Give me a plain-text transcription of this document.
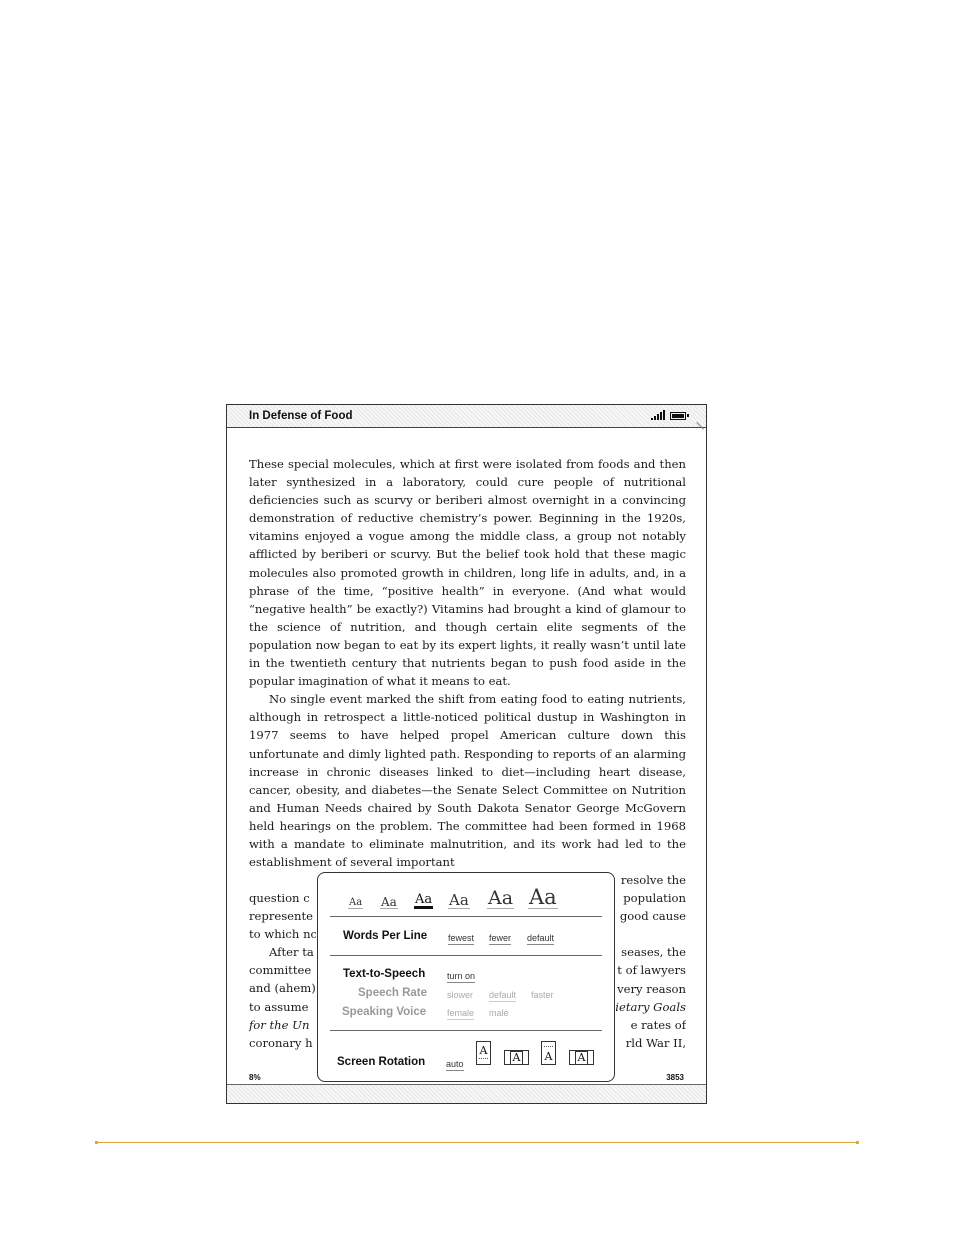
In Defense of Food

These special molecules, which at first were isolated from foods and then later synthesized in a laboratory, could cure people of nutritional deficiencies such as scurvy or beriberi almost overnight in a convincing demonstration of reductive chemistry’s power. Beginning in the 1920s, vitamins enjoyed a vogue among the middle class, a group not notably afflicted by beriberi or scurvy. But the belief took hold that these magic molecules also promoted growth in children, long life in adults, and, in a phrase of the time, “positive health” in everyone. (And what would “negative health” be exactly?) Vitamins had brought a kind of glamour to the science of nutrition, and though certain elite segments of the population now began to eat by its expert lights, it really wasn’t until late in the twentieth century that nutrients began to push food aside in the popular imagination of what it means to eat.

No single event marked the shift from eating food to eating nutrients, although in retrospect a little-noticed political dustup in Washington in 1977 seems to have helped propel American culture down this unfortunate and dimly lighted path. Responding to reports of an alarming increase in chronic diseases linked to diet—including heart disease, cancer, obesity, and diabetes—the Senate Select Committee on Nutrition and Human Needs chaired by South Dakota Senator George McGovern held hearings on the problem. The committee had been formed in 1968 with a mandate to eliminate malnutrition, and its work had led to the establishment of several important

question c
represente
to which nc
After ta
committee
and (ahem)
to assume
for the Un
coronary h
resolve the
population
good cause

seases, the
t of lawyers
very reason
ietary Goals
e rates of
rld War II,
8%	3853
Aa Aa Aa Aa Aa Aa
Words Per Line fewest fewer default
Text-to-Speech turn on
Speech Rate slower default faster
Speaking Voice female male
Screen Rotation auto
A
A A A
